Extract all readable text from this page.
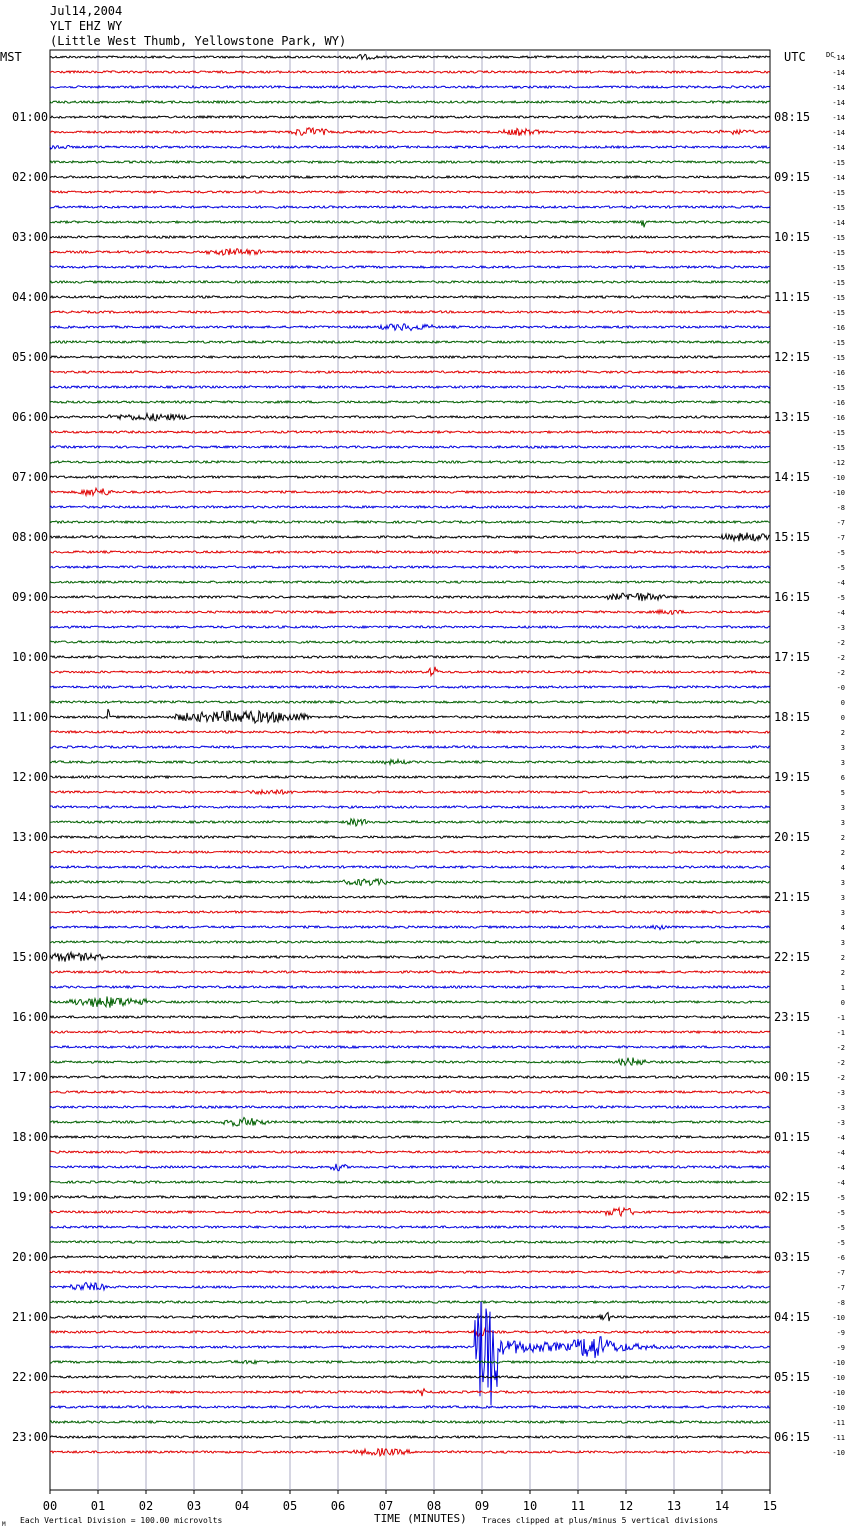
Jul14,2004
YLT EHZ WY
(Little West Thumb, Yellowstone Park, WY)
MST	UTC	DC
01:00
02:00
03:00
04:00
05:00
06:00
07:00
08:00
09:00
10:00
11:00
12:00
13:00
14:00
15:00
16:00
17:00
18:00
19:00
20:00
21:00
22:00
23:00
08:15
09:15
10:15
11:15
12:15
13:15
14:15
15:15
16:15
17:15
18:15
19:15
20:15
21:15
22:15
23:15
00:15
01:15
02:15
03:15
04:15
05:15
06:15
-14
-14
-14
-14
-14
-14
-14
-15
-14
-15
-15
-14
-15
-15
-15
-15
-15
-15
-16
-15
-15
-16
-15
-16
-16
-15
-15
-12
-10
-10
-8
-7
-7
-5
-5
-4
-5
-4
-3
-2
-2
-2
-0
0
0
2
3
3
6
5
3
3
2
2
4
3
3
3
4
3
2
2
1
0
-1
-1
-2
-2
-2
-3
-3
-3
-4
-4
-4
-4
-5
-5
-5
-5
-6
-7
-7
-8
-10
-9
-9
-10
-10
-10
-10
-11
-11
-10
00	01	02	03	04	05	06	07	08	09	10	11	12	13	14	15
M Each Vertical Division = 100.00 microvolts	TIME (MINUTES) Traces clipped at plus/minus 5 vertical divisions
